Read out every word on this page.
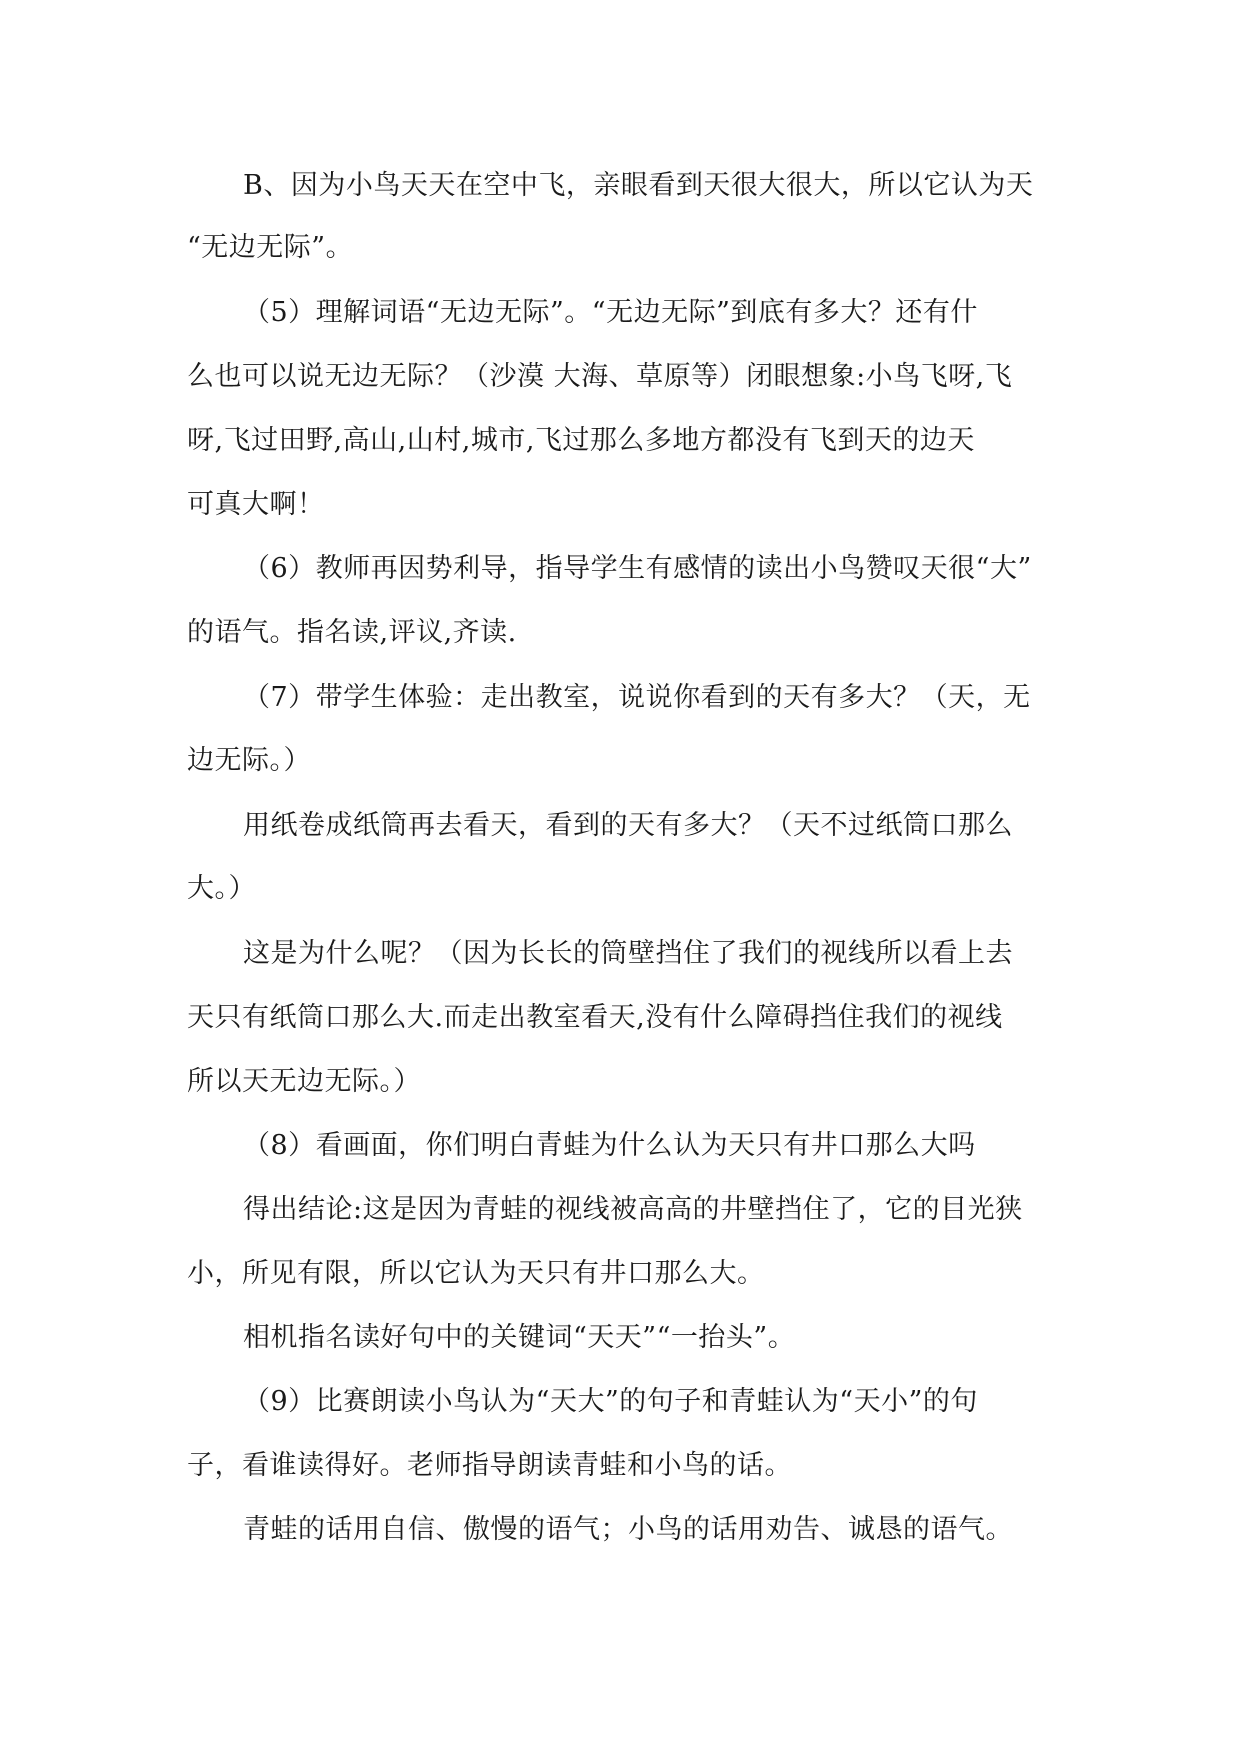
B、因为小鸟天天在空中飞，亲眼看到天很大很大，所以它认为天
“无边无际”。
（5）理解词语“无边无际”。“无边无际”到底有多大？还有什
么也可以说无边无际？（沙漠 大海、草原等）闭眼想象:小鸟飞呀,飞
呀,飞过田野,高山,山村,城市,飞过那么多地方都没有飞到天的边天
可真大啊！
（6）教师再因势利导，指导学生有感情的读出小鸟赞叹天很“大”
的语气。指名读,评议,齐读.
（7）带学生体验：走出教室，说说你看到的天有多大？（天，无
边无际。）
用纸卷成纸筒再去看天，看到的天有多大？（天不过纸筒口那么
大。）
这是为什么呢？（因为长长的筒壁挡住了我们的视线所以看上去
天只有纸筒口那么大.而走出教室看天,没有什么障碍挡住我们的视线
所以天无边无际。）
（8）看画面，你们明白青蛙为什么认为天只有井口那么大吗
得出结论:这是因为青蛙的视线被高高的井壁挡住了，它的目光狭
小，所见有限，所以它认为天只有井口那么大。
相机指名读好句中的关键词“天天”“一抬头”。
（9）比赛朗读小鸟认为“天大”的句子和青蛙认为“天小”的句
子，看谁读得好。老师指导朗读青蛙和小鸟的话。
青蛙的话用自信、傲慢的语气；小鸟的话用劝告、诚恳的语气。
